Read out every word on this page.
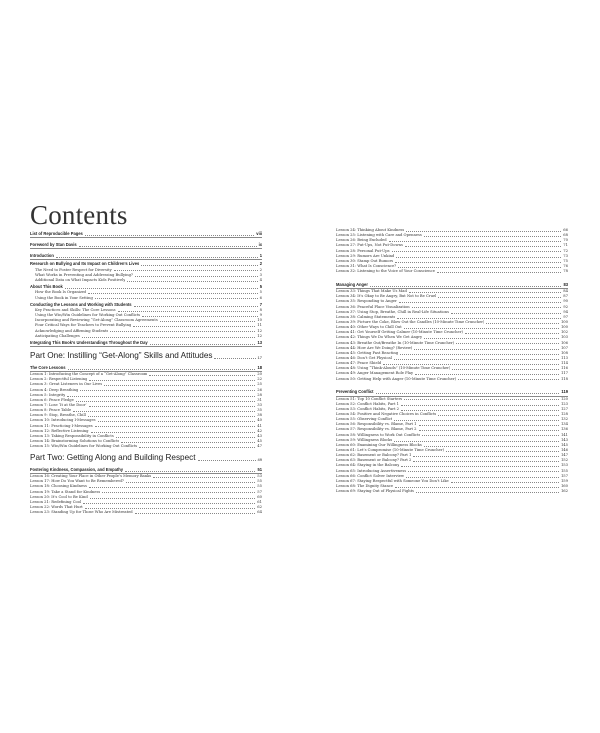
Contents
List of Reproducible Pages	viii
Foreword by Stan Davis	ix
Introduction	1
Research on Bullying and Its Impact on Children’s Lives	2
The Need to Foster Respect for Diversity	2
What Works in Preventing and Addressing Bullying?	3
Additional Data on What Impacts Kids Positively	4
About This Book	5
How the Book Is Organized	5
Using the Book in Your Setting	6
Conducting the Lessons and Working with Students	7
Key Practices and Skills: The Core Lessons	8
Using the Win/Win Guidelines for Working Out Conflicts	9
Incorporating and Reviewing “Get-Along” Classroom Agreements	10
Four Critical Ways for Teachers to Prevent Bullying	11
Acknowledging and Affirming Students	12
Anticipating Challenges	12
Integrating This Book’s Understandings Throughout the Day	13
Part One: Instilling “Get-Along” Skills and Attitudes	17
The Core Lessons	18
Lesson 1: Introducing the Concept of a “Get-Along” Classroom	20
Lesson 2: Respectful Listening	22
Lesson 3: Great Listeners in Our Lives	25
Lesson 4: Deep Breathing	26
Lesson 5: Integrity	28
Lesson 6: Peace Pledge	31
Lesson 7: Lose ‘It at the Door’	33
Lesson 8: Peace Table	35
Lesson 9: Stop, Breathe, Chill	38
Lesson 10: Introducing I-Messages	40
Lesson 11: Practicing I-Messages	41
Lesson 12: Reflective Listening	42
Lesson 13: Taking Responsibility in Conflicts	43
Lesson 14: Brainstorming Solutions to Conflicts	45
Lesson 15: Win/Win Guidelines for Working Out Conflicts	47
Part Two: Getting Along and Building Respect	49
Fostering Kindness, Compassion, and Empathy	51
Lesson 16: Creating Your Place in Other People’s Memory Banks	53
Lesson 17: How Do You Want to Be Remembered?	55
Lesson 18: Choosing Kindness	55
Lesson 19: Take a Stand for Kindness	57
Lesson 20: It’s Cool to Be Kind	60
Lesson 21: Redefining Cool	61
Lesson 22: Words That Hurt	62
Lesson 23: Standing Up for Those Who Are Mistreated	64
Lesson 24: Thinking About Kindness	66
Lesson 25: Listening with Care and Openness	68
Lesson 26: Being Excluded	70
Lesson 27: Put-Ups, Not Put-Downs	71
Lesson 28: Personal Put-Ups	72
Lesson 29: Rumors Are Unkind	73
Lesson 30: Stamp Out Rumors	75
Lesson 31: What Is Conscience?	76
Lesson 32: Listening to the Voice of Your Conscience	78
Managing Anger	83
Lesson 33: Things That Make Us Mad	84
Lesson 34: It’s Okay to Be Angry, But Not to Be Cruel	87
Lesson 35: Responding to Anger	90
Lesson 36: Peaceful Place Visualization	92
Lesson 37: Using Stop, Breathe, Chill in Real-Life Situations	94
Lesson 38: Calming Statements	97
Lesson 39: Picture the Coke, Blow Out the Candles (10-Minute Time Cruncher)	100
Lesson 40: Other Ways to Chill Out	100
Lesson 41: Get Yourself Getting Calmer (10-Minute Time Cruncher)	102
Lesson 42: Things We Do When We Get Angry	103
Lesson 43: Breathe Out/Breathe In (10-Minute Time Cruncher)	106
Lesson 44: How Are We Doing? (Review)	107
Lesson 45: Getting Past Reacting	108
Lesson 46: Don’t Get Physical	113
Lesson 47: Peace Shield	114
Lesson 48: Using “Think-Alouds” (10-Minute Time Cruncher)	116
Lesson 49: Anger Management Role Play	117
Lesson 50: Getting Help with Anger (10-Minute Time Cruncher)	118
Preventing Conflict	119
Lesson 51: Top 10 Conflict Starters	120
Lesson 52: Conflict Habits, Part 1	123
Lesson 53: Conflict Habits, Part 2	127
Lesson 54: Positive and Negative Choices in Conflicts	128
Lesson 55: Observing Conflict	132
Lesson 56: Responsibility vs. Blame, Part 1	134
Lesson 57: Responsibility vs. Blame, Part 2	136
Lesson 58: Willingness to Work Out Conflicts	141
Lesson 59: Willingness Blocks	143
Lesson 60: Examining Our Willingness Blocks	145
Lesson 61: Let’s Compromise (10-Minute Time Cruncher)	146
Lesson 62: Basement or Balcony? Part 1	147
Lesson 63: Basement or Balcony? Part 2	152
Lesson 64: Staying in the Balcony	153
Lesson 65: Introducing Assertiveness	155
Lesson 66: Conflict Solver Interview	157
Lesson 67: Staying Respectful with Someone You Don’t Like	159
Lesson 68: The Dignity Stance	160
Lesson 69: Staying Out of Physical Fights	162
